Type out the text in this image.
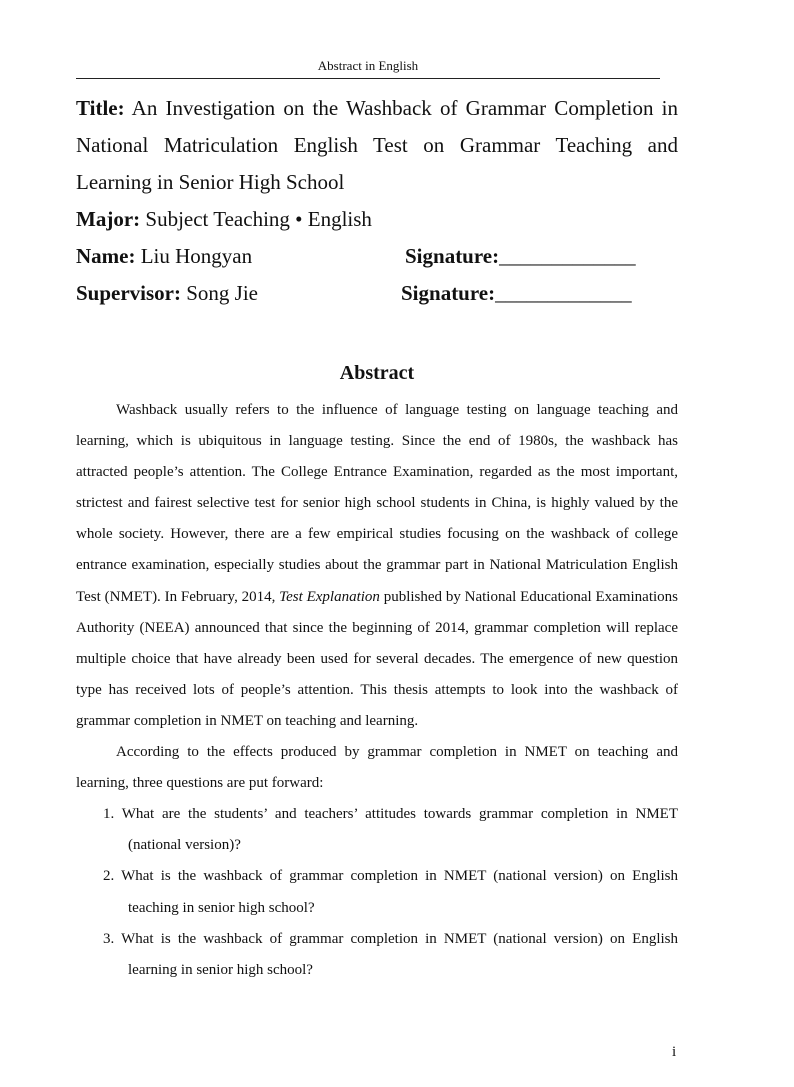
Abstract in English

Title: An Investigation on the Washback of Grammar Completion in National Matriculation English Test on Grammar Teaching and Learning in Senior High School

Major: Subject Teaching • English

Name: Liu Hongyan	Signature:_____________

Supervisor: Song Jie	Signature:_____________

Abstract

Washback usually refers to the influence of language testing on language teaching and learning, which is ubiquitous in language testing. Since the end of 1980s, the washback has attracted people’s attention. The College Entrance Examination, regarded as the most important, strictest and fairest selective test for senior high school students in China, is highly valued by the whole society. However, there are a few empirical studies focusing on the washback of college entrance examination, especially studies about the grammar part in National Matriculation English Test (NMET). In February, 2014, Test Explanation published by National Educational Examinations Authority (NEEA) announced that since the beginning of 2014, grammar completion will replace multiple choice that have already been used for several decades. The emergence of new question type has received lots of people’s attention. This thesis attempts to look into the washback of grammar completion in NMET on teaching and learning.

According to the effects produced by grammar completion in NMET on teaching and learning, three questions are put forward:

1. What are the students’ and teachers’ attitudes towards grammar completion in NMET (national version)?
2. What is the washback of grammar completion in NMET (national version) on English teaching in senior high school?
3. What is the washback of grammar completion in NMET (national version) on English learning in senior high school?
i
